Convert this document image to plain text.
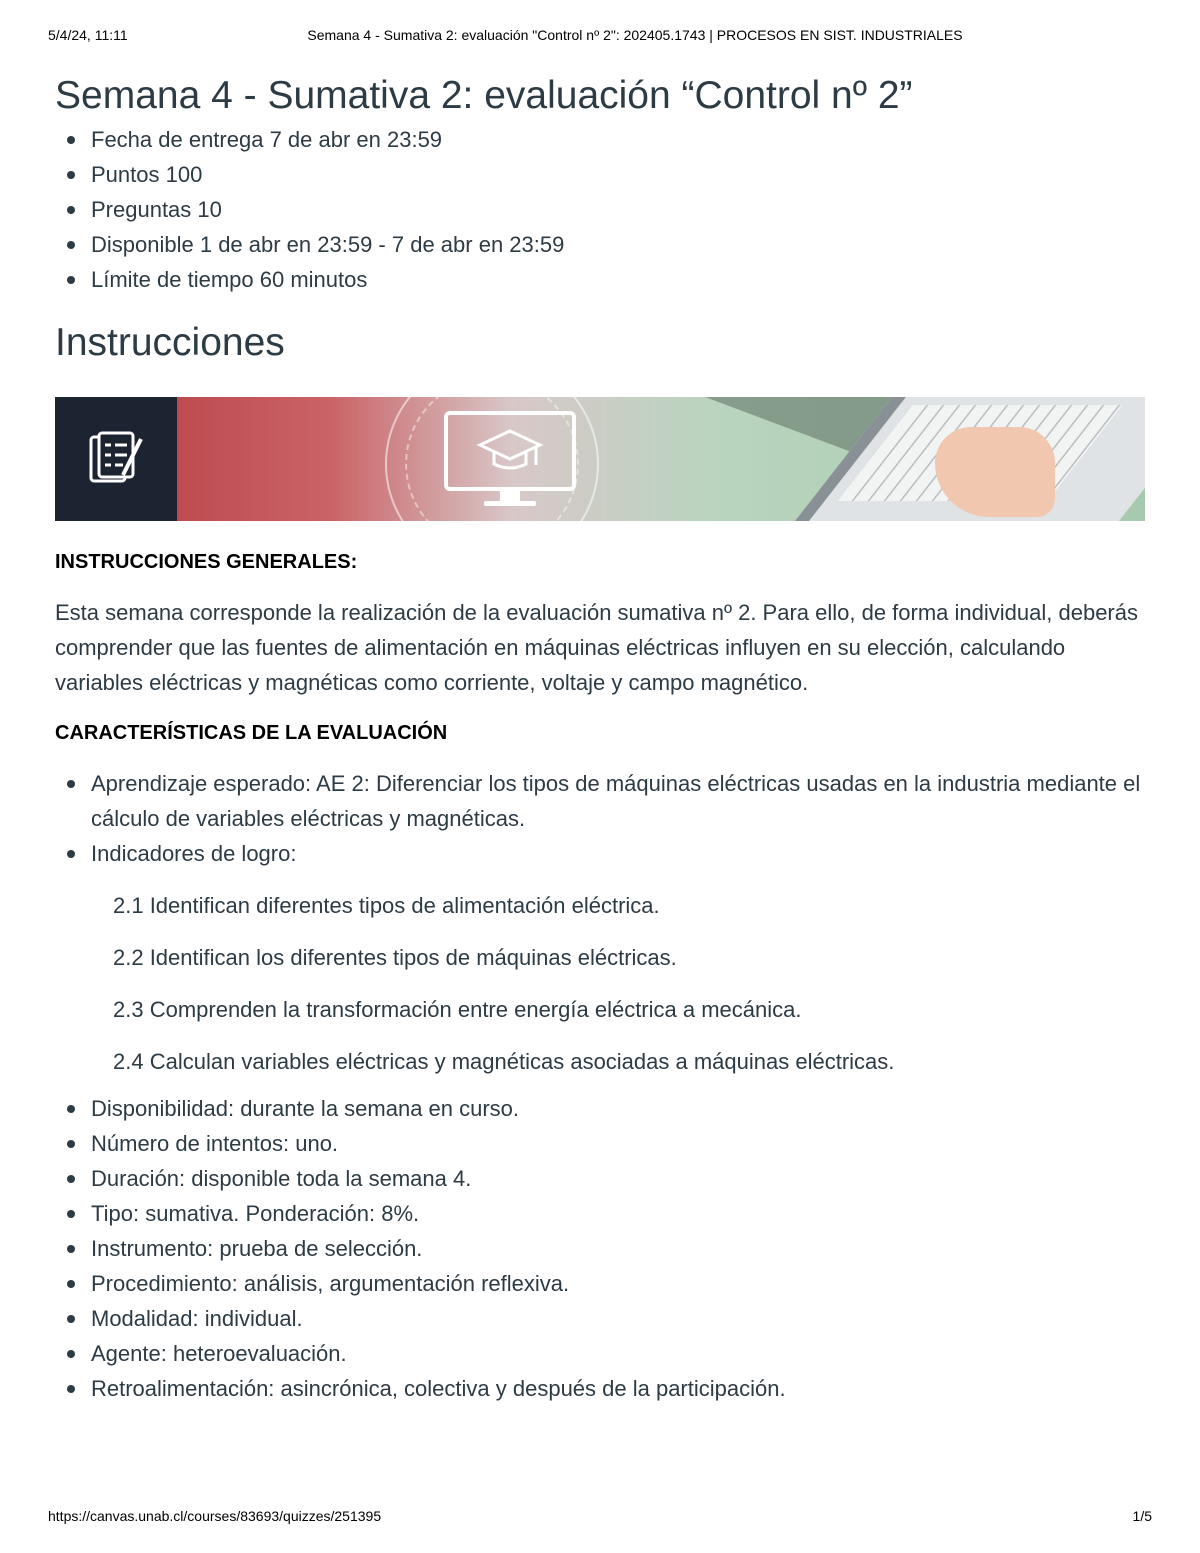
5/4/24, 11:11	Semana 4 - Sumativa 2: evaluación "Control nº 2": 202405.1743 | PROCESOS EN SIST. INDUSTRIALES
Semana 4 - Sumativa 2: evaluación “Control nº 2”
Fecha de entrega 7 de abr en 23:59
Puntos 100
Preguntas 10
Disponible 1 de abr en 23:59 - 7 de abr en 23:59
Límite de tiempo 60 minutos
Instrucciones
INSTRUCCIONES GENERALES:

Esta semana corresponde la realización de la evaluación sumativa nº 2. Para ello, de forma individual, deberás comprender que las fuentes de alimentación en máquinas eléctricas influyen en su elección, calculando variables eléctricas y magnéticas como corriente, voltaje y campo magnético.

CARACTERÍSTICAS DE LA EVALUACIÓN
Aprendizaje esperado: AE 2: Diferenciar los tipos de máquinas eléctricas usadas en la industria mediante el cálculo de variables eléctricas y magnéticas.
Indicadores de logro:
2.1 Identifican diferentes tipos de alimentación eléctrica.
2.2 Identifican los diferentes tipos de máquinas eléctricas.
2.3 Comprenden la transformación entre energía eléctrica a mecánica.
2.4 Calculan variables eléctricas y magnéticas asociadas a máquinas eléctricas.
Disponibilidad: durante la semana en curso.
Número de intentos: uno.
Duración: disponible toda la semana 4.
Tipo: sumativa. Ponderación: 8%.
Instrumento: prueba de selección.
Procedimiento: análisis, argumentación reflexiva.
Modalidad: individual.
Agente: heteroevaluación.
Retroalimentación: asincrónica, colectiva y después de la participación.
https://canvas.unab.cl/courses/83693/quizzes/251395	1/5
